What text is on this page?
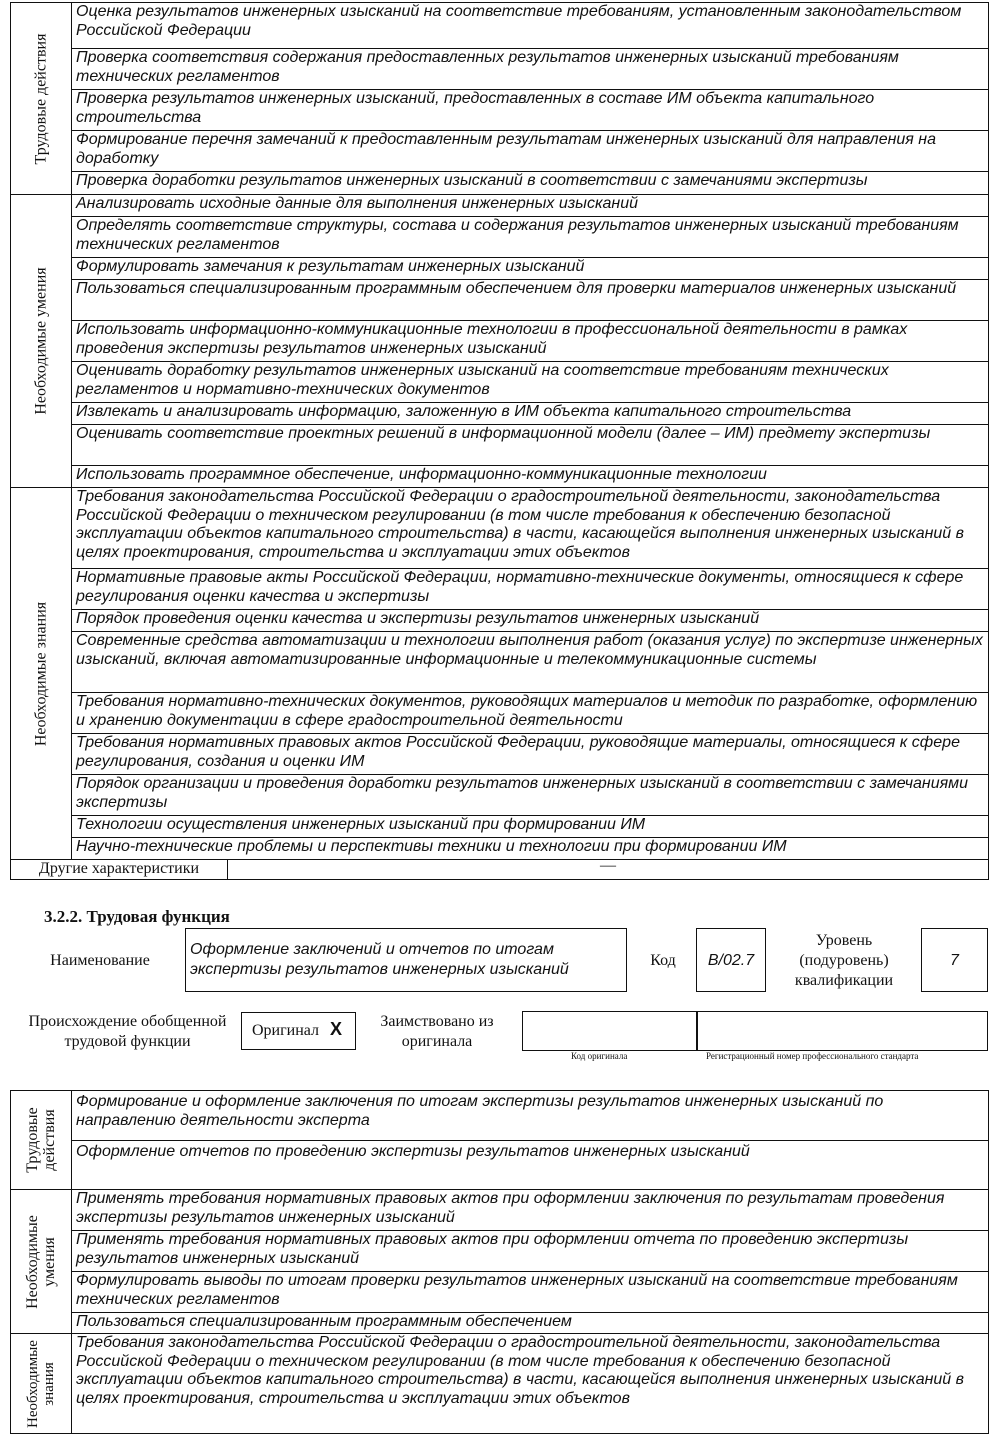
Трудовые действия	Оценка результатов инженерных изысканий на соответствие требованиям, установленным законодательством Российской Федерации	
	Проверка соответствия содержания предоставленных результатов инженерных изысканий требованиям технических регламентов	
	Проверка результатов инженерных изысканий, предоставленных в составе ИМ объекта капитального строительства	
	Формирование перечня замечаний к предоставленным результатам инженерных изысканий для направления на доработку	
	Проверка доработки результатов инженерных изысканий в соответствии с замечаниями экспертизы	

Необходимые умения	Анализировать исходные данные для выполнения инженерных изысканий	
	Определять соответствие структуры, состава и содержания результатов инженерных изысканий требованиям технических регламентов	
	Формулировать замечания к результатам инженерных изысканий	
	Пользоваться специализированным программным обеспечением для проверки материалов инженерных изысканий	
	Использовать информационно-коммуникационные технологии в профессиональной деятельности в рамках проведения экспертизы результатов инженерных изысканий	
	Оценивать доработку результатов инженерных изысканий на соответствие требованиям технических регламентов и нормативно-технических документов	
	Извлекать и анализировать информацию, заложенную в ИМ объекта капитального строительства	
	Оценивать соответствие проектных решений в информационной модели (далее – ИМ) предмету экспертизы	
	Использовать программное обеспечение, информационно-коммуникационные технологии	

Необходимые знания	Требования законодательства Российской Федерации о градостроительной деятельности, законодательства Российской Федерации о техническом регулировании (в том числе требования к обеспечению безопасной эксплуатации объектов капитального строительства) в части, касающейся выполнения инженерных изысканий в целях проектирования, строительства и эксплуатации этих объектов	
	Нормативные правовые акты Российской Федерации, нормативно-технические документы, относящиеся к сфере регулирования оценки качества и экспертизы	
	Порядок проведения оценки качества и экспертизы результатов инженерных изысканий	
	Современные средства автоматизации и технологии выполнения работ (оказания услуг) по экспертизе инженерных изысканий, включая автоматизированные информационные и телекоммуникационные системы	
	Требования нормативно-технических документов, руководящих материалов и методик по разработке, оформлению и хранению документации в сфере градостроительной деятельности	
	Требования нормативных правовых актов Российской Федерации, руководящие материалы, относящиеся к сфере регулирования, создания и оценки ИМ	
	Порядок организации и проведения доработки результатов инженерных изысканий в соответствии с замечаниями экспертизы	
	Технологии осуществления инженерных изысканий при формировании ИМ	
	Научно-технические проблемы и перспективы техники и технологии при формировании ИМ	
Другие характеристики		—
3.2.2. Трудовая функция
Наименование
Оформление заключений и отчетов по итогам экспертизы результатов инженерных изысканий
Код	В/02.7
Уровень (подуровень) квалификации
7
Происхождение обобщенной трудовой функции
Оригинал X	Заимствовано из оригинала
Код оригинала	Регистрационный номер профессионального стандарта
Трудовые действия	Формирование и оформление заключения по итогам экспертизы результатов инженерных изысканий по направлению деятельности эксперта
	Оформление отчетов по проведению экспертизы результатов инженерных изысканий

Необходимые умения	Применять требования нормативных правовых актов при оформлении заключения по результатам проведения экспертизы результатов инженерных изысканий
	Применять требования нормативных правовых актов при оформлении отчета по проведению экспертизы результатов инженерных изысканий
	Формулировать выводы по итогам проверки результатов инженерных изысканий на соответствие требованиям технических регламентов
	Пользоваться специализированным программным обеспечением

Необходимые знания	Требования законодательства Российской Федерации о градостроительной деятельности, законодательства Российской Федерации о техническом регулировании (в том числе требования к обеспечению безопасной эксплуатации объектов капитального строительства) в части, касающейся выполнения инженерных изысканий в целях проектирования, строительства и эксплуатации этих объектов
